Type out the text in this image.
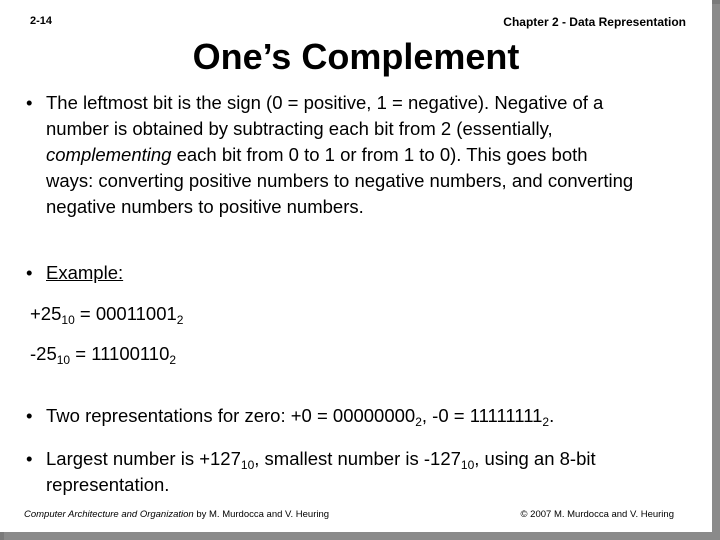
2-14	Chapter 2 - Data Representation
One’s Complement
• The leftmost bit is the sign (0 = positive, 1 = negative). Negative of a
number is obtained by subtracting each bit from 2 (essentially,
complementing each bit from 0 to 1 or from 1 to 0). This goes both
ways: converting positive numbers to negative numbers, and converting
negative numbers to positive numbers.
• Example:
$+25_{10} = 00011001_2$
$-25_{10} = 11100110_2$
• Two representations for zero: $+0 = 00000000_2$, $-0 = 11111111_2$.
• Largest number is $+127_{10}$, smallest number is $-127_{10}$, using an 8-bit
representation.
Computer Architecture and Organization by M. Murdocca and V. Heuring	© 2007 M. Murdocca and V. Heuring
